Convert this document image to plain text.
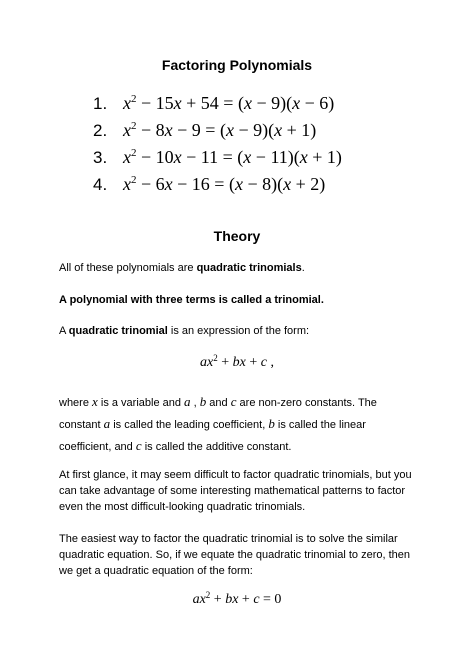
Factoring Polynomials
1. $x^2 - 15x + 54 = (x - 9)(x - 6)$
2. $x^2 - 8x - 9 = (x - 9)(x + 1)$
3. $x^2 - 10x - 11 = (x - 11)(x + 1)$
4. $x^2 - 6x - 16 = (x - 8)(x + 2)$
Theory
All of these polynomials are quadratic trinomials.
A polynomial with three terms is called a trinomial.
A quadratic trinomial is an expression of the form:
$ax^2$ + bx + c ,
where x is a variable and a , b and c are non-zero constants. The
constant a is called the leading coefficient, b is called the linear
coefficient, and c is called the additive constant.
At first glance, it may seem difficult to factor quadratic trinomials, but you
can take advantage of some interesting mathematical patterns to factor
even the most difficult-looking quadratic trinomials.
The easiest way to factor the quadratic trinomial is to solve the similar
quadratic equation. So, if we equate the quadratic trinomial to zero, then
we get a quadratic equation of the form:
$ax^2$ + bx + c = 0
